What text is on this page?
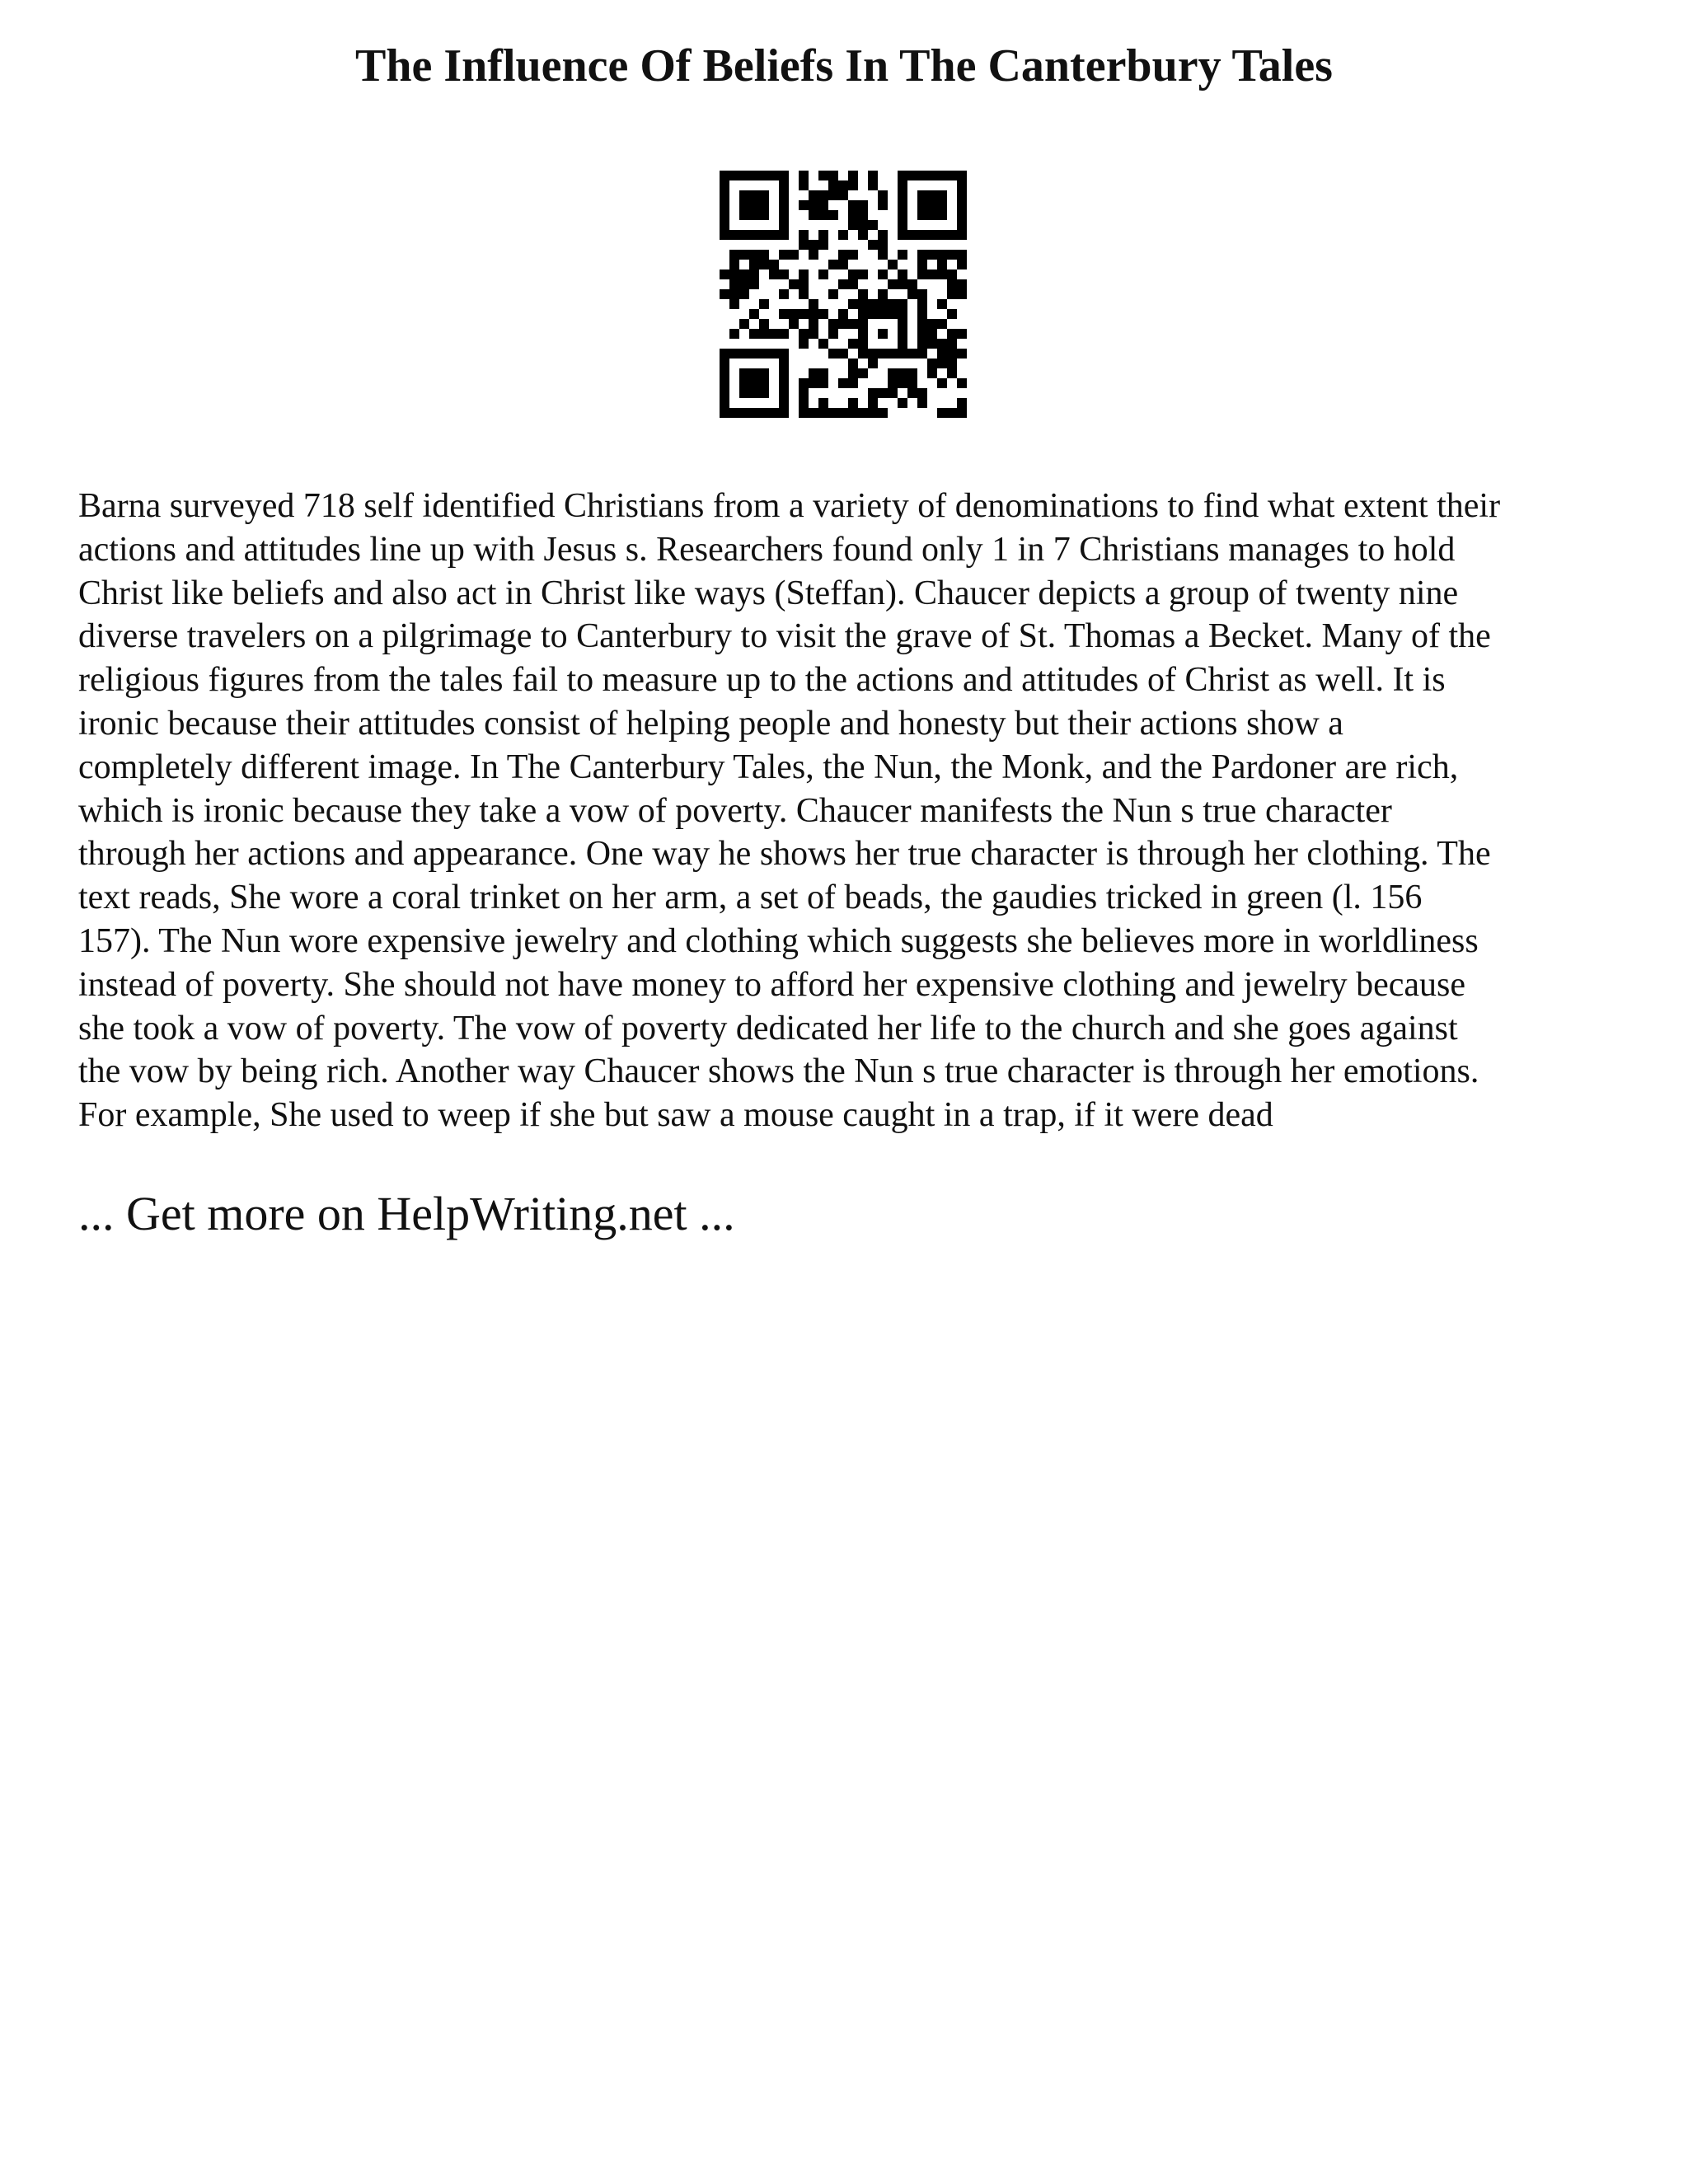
The Influence Of Beliefs In The Canterbury Tales

Barna surveyed 718 self identified Christians from a variety of denominations to find what extent their
actions and attitudes line up with Jesus s. Researchers found only 1 in 7 Christians manages to hold
Christ like beliefs and also act in Christ like ways (Steffan). Chaucer depicts a group of twenty nine
diverse travelers on a pilgrimage to Canterbury to visit the grave of St. Thomas a Becket. Many of the
religious figures from the tales fail to measure up to the actions and attitudes of Christ as well. It is
ironic because their attitudes consist of helping people and honesty but their actions show a
completely different image. In The Canterbury Tales, the Nun, the Monk, and the Pardoner are rich,
which is ironic because they take a vow of poverty. Chaucer manifests the Nun s true character
through her actions and appearance. One way he shows her true character is through her clothing. The
text reads, She wore a coral trinket on her arm, a set of beads, the gaudies tricked in green (l. 156
157). The Nun wore expensive jewelry and clothing which suggests she believes more in worldliness
instead of poverty. She should not have money to afford her expensive clothing and jewelry because
she took a vow of poverty. The vow of poverty dedicated her life to the church and she goes against
the vow by being rich. Another way Chaucer shows the Nun s true character is through her emotions.
For example, She used to weep if she but saw a mouse caught in a trap, if it were dead

... Get more on HelpWriting.net ...
